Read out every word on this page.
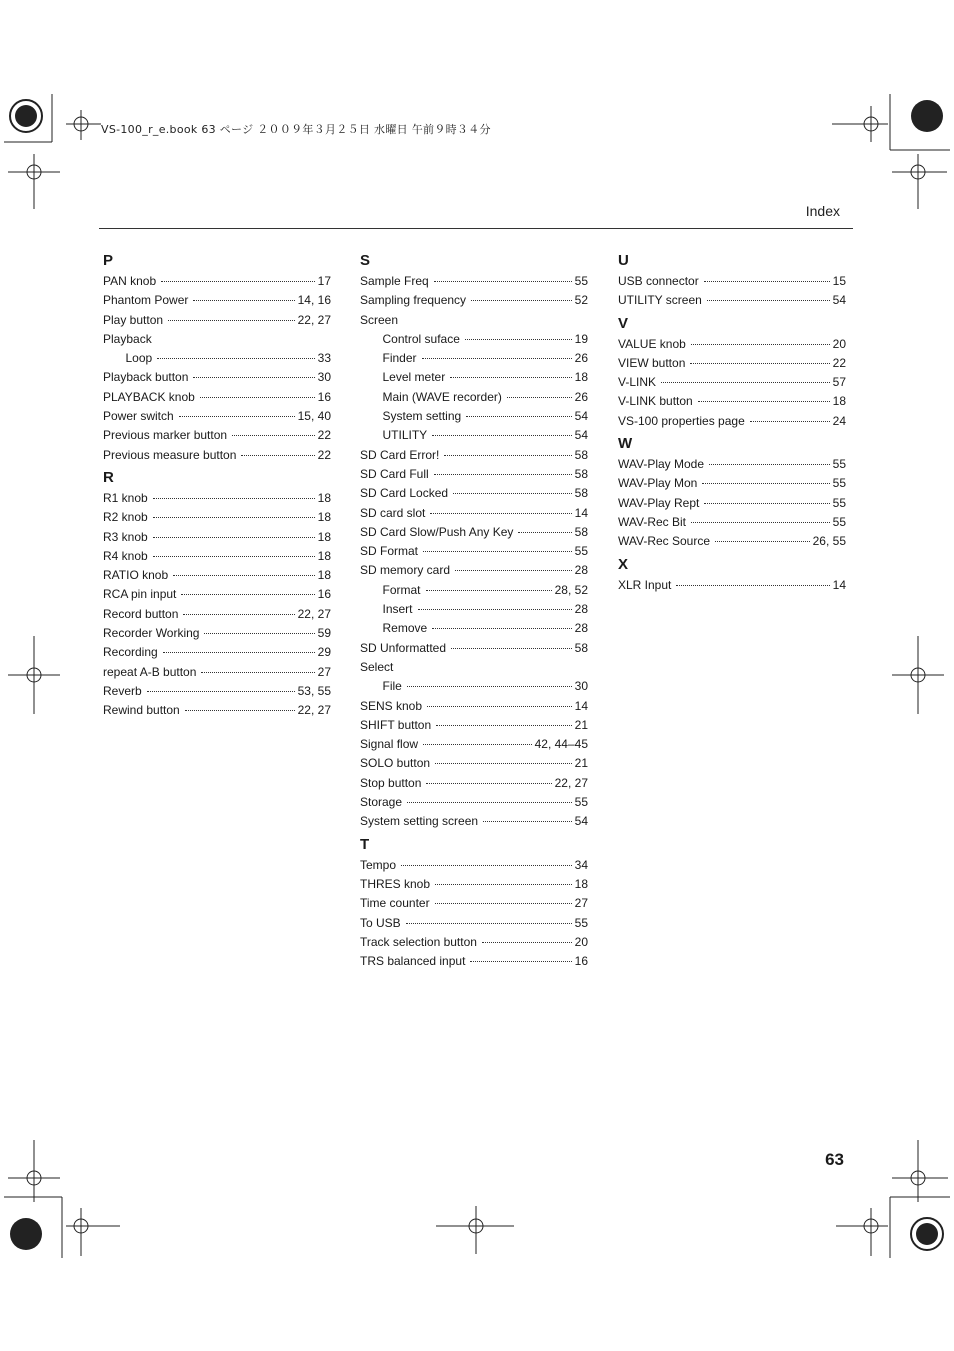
VS-100_r_e.book 63 ページ ２００９年３月２５日 水曜日 午前９時３４分
Index
P
PAN knob	17
Phantom Power	14, 16
Play button	22, 27
Playback
Loop	33
Playback button	30
PLAYBACK knob	16
Power switch	15, 40
Previous marker button	22
Previous measure button	22
R
R1 knob	18
R2 knob	18
R3 knob	18
R4 knob	18
RATIO knob	18
RCA pin input	16
Record button	22, 27
Recorder Working	59
Recording	29
repeat A-B button	27
Reverb	53, 55
Rewind button	22, 27
S
Sample Freq	55
Sampling frequency	52
Screen
Control suface	19
Finder	26
Level meter	18
Main (WAVE recorder)	26
System setting	54
UTILITY	54
SD Card Error!	58
SD Card Full	58
SD Card Locked	58
SD card slot	14
SD Card Slow/Push Any Key	58
SD Format	55
SD memory card	28
Format	28, 52
Insert	28
Remove	28
SD Unformatted	58
Select
File	30
SENS knob	14
SHIFT button	21
Signal flow	42, 44–45
SOLO button	21
Stop button	22, 27
Storage	55
System setting screen	54
T
Tempo	34
THRES knob	18
Time counter	27
To USB	55
Track selection button	20
TRS balanced input	16
U
USB connector	15
UTILITY screen	54
V
VALUE knob	20
VIEW button	22
V-LINK	57
V-LINK button	18
VS-100 properties page	24
W
WAV-Play Mode	55
WAV-Play Mon	55
WAV-Play Rept	55
WAV-Rec Bit	55
WAV-Rec Source	26, 55
X
XLR Input	14
63
